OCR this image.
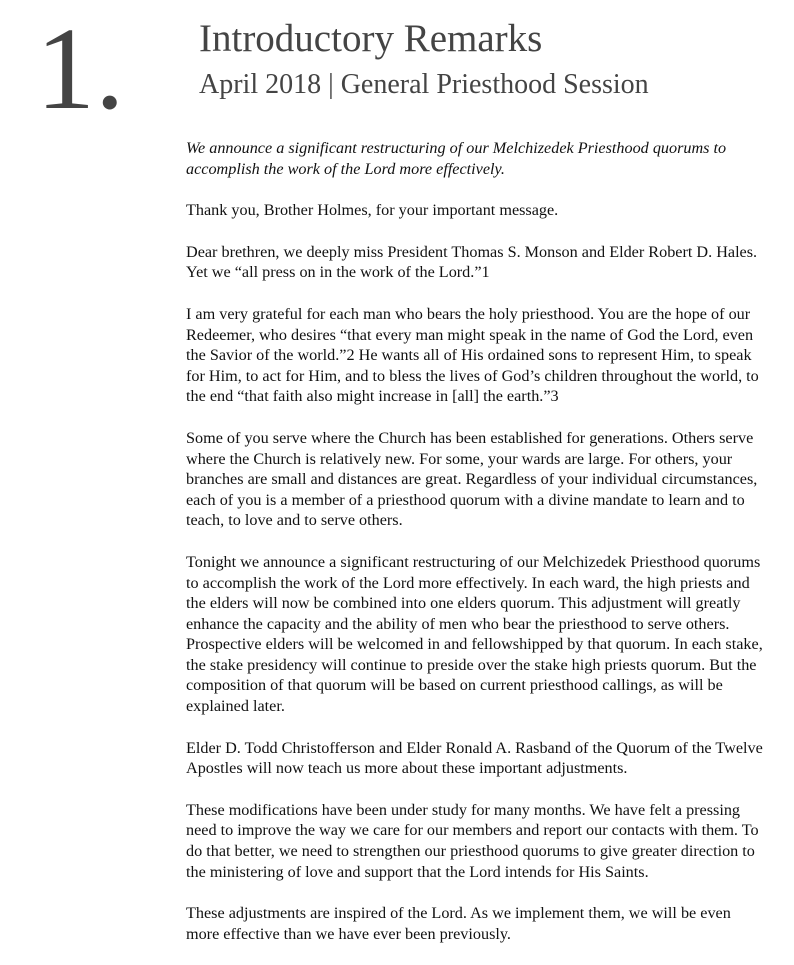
1. Introductory Remarks
April 2018 | General Priesthood Session

We announce a significant restructuring of our Melchizedek Priesthood quorums to accomplish the work of the Lord more effectively.

Thank you, Brother Holmes, for your important message.

Dear brethren, we deeply miss President Thomas S. Monson and Elder Robert D. Hales. Yet we “all press on in the work of the Lord.”1

I am very grateful for each man who bears the holy priesthood. You are the hope of our Redeemer, who desires “that every man might speak in the name of God the Lord, even the Savior of the world.”2 He wants all of His ordained sons to represent Him, to speak for Him, to act for Him, and to bless the lives of God’s children throughout the world, to the end “that faith also might increase in [all] the earth.”3

Some of you serve where the Church has been established for generations. Others serve where the Church is relatively new. For some, your wards are large. For others, your branches are small and distances are great. Regardless of your individual circumstances, each of you is a member of a priesthood quorum with a divine mandate to learn and to teach, to love and to serve others.

Tonight we announce a significant restructuring of our Melchizedek Priesthood quorums to accomplish the work of the Lord more effectively. In each ward, the high priests and the elders will now be combined into one elders quorum. This adjustment will greatly enhance the capacity and the ability of men who bear the priesthood to serve others. Prospective elders will be welcomed in and fellowshipped by that quorum. In each stake, the stake presidency will continue to preside over the stake high priests quorum. But the composition of that quorum will be based on current priesthood callings, as will be explained later.

Elder D. Todd Christofferson and Elder Ronald A. Rasband of the Quorum of the Twelve Apostles will now teach us more about these important adjustments.

These modifications have been under study for many months. We have felt a pressing need to improve the way we care for our members and report our contacts with them. To do that better, we need to strengthen our priesthood quorums to give greater direction to the ministering of love and support that the Lord intends for His Saints.

These adjustments are inspired of the Lord. As we implement them, we will be even more effective than we have ever been previously.
